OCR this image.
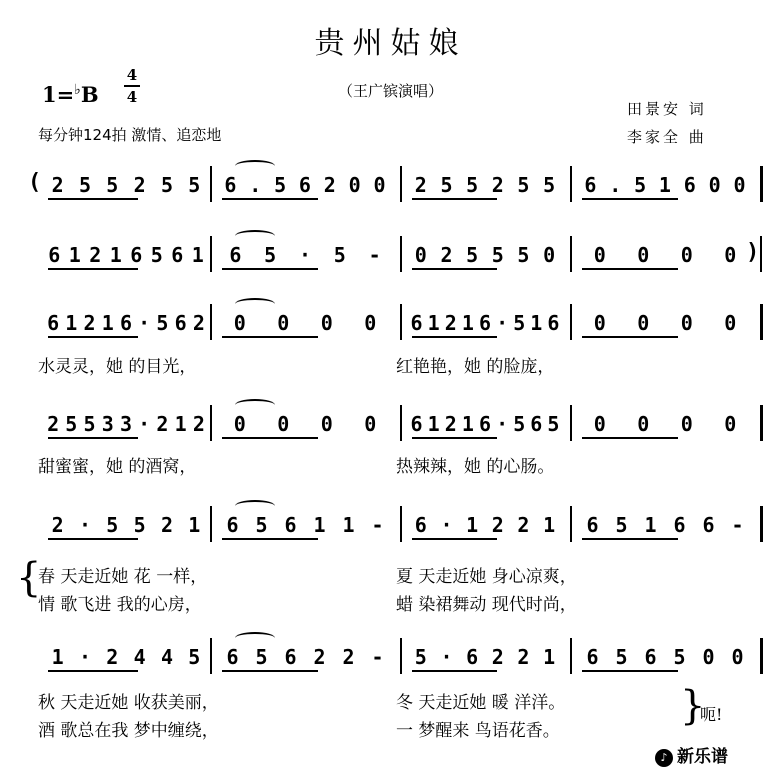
贵州姑娘
1=♭B
4
4	（王广镔演唱）
每分钟124拍 激情、追恋地
田景安 词
李家全 曲
( 2 5 5 2 5 5 6 . 5 6 2 0 0 2 5 5 2 5 5 6 . 5 1 6 0 0
6 1 2 1 6 5 6 1 6 5 · 5 - 0 2 5 5 5 0 0 0 0 0 )
6 1 2 1 6 · 5 6 2 0 0 0 0 6 1 2 1 6 · 5 1 6 0 0 0 0
2 5 5 3 3 · 2 1 2 0 0 0 0 6 1 2 1 6 · 5 6 5 0 0 0 0
2 · 5 5 2 1 6 5 6 1 1 - 6 · 1 2 2 1 6 5 1 6 6 -
1 · 2 4 4 5 6 5 6 2 2 - 5 · 6 2 2 1 6 5 6 5 0 0
水灵灵，她 的目光，	红艳艳，她 的脸庞，
甜蜜蜜，她 的酒窝，	热辣辣，她 的心肠。
春 天走近她 花 一样，	夏 天走近她 身心凉爽，
情 歌飞进 我的心房，	蜡 染裙舞动 现代时尚，
秋 天走近她 收获美丽，	冬 天走近她 暖 洋洋。
酒 歌总在我 梦中缠绕，	一 梦醒来 鸟语花香。
{
}
呃!
♪ 新乐谱
